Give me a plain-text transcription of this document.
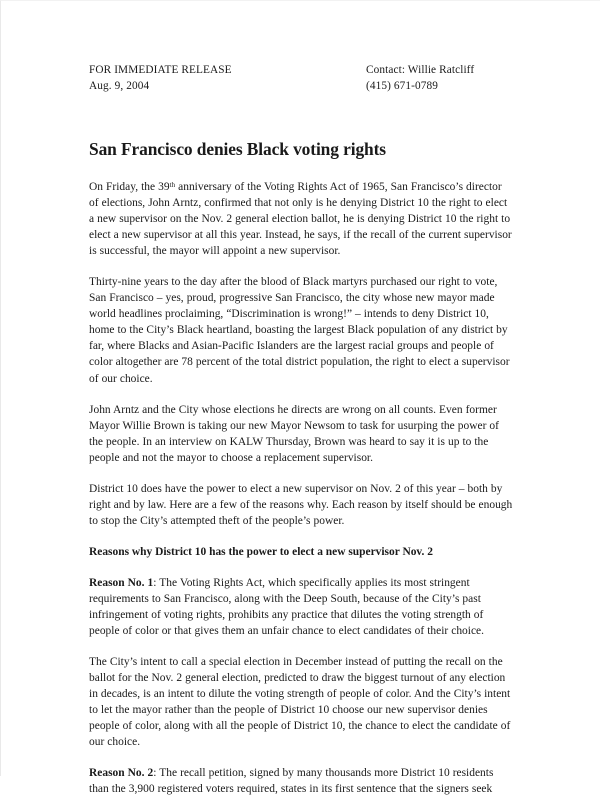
FOR IMMEDIATE RELEASE
Aug. 9, 2004
Contact: Willie Ratcliff
(415) 671-0789
San Francisco denies Black voting rights

On Friday, the 39th anniversary of the Voting Rights Act of 1965, San Francisco’s director of elections, John Arntz, confirmed that not only is he denying District 10 the right to elect a new supervisor on the Nov. 2 general election ballot, he is denying District 10 the right to elect a new supervisor at all this year. Instead, he says, if the recall of the current supervisor is successful, the mayor will appoint a new supervisor.

Thirty-nine years to the day after the blood of Black martyrs purchased our right to vote, San Francisco – yes, proud, progressive San Francisco, the city whose new mayor made world headlines proclaiming, “Discrimination is wrong!” – intends to deny District 10, home to the City’s Black heartland, boasting the largest Black population of any district by far, where Blacks and Asian-Pacific Islanders are the largest racial groups and people of color altogether are 78 percent of the total district population, the right to elect a supervisor of our choice.

John Arntz and the City whose elections he directs are wrong on all counts. Even former Mayor Willie Brown is taking our new Mayor Newsom to task for usurping the power of the people. In an interview on KALW Thursday, Brown was heard to say it is up to the people and not the mayor to choose a replacement supervisor.

District 10 does have the power to elect a new supervisor on Nov. 2 of this year – both by right and by law. Here are a few of the reasons why. Each reason by itself should be enough to stop the City’s attempted theft of the people’s power.

Reasons why District 10 has the power to elect a new supervisor Nov. 2

Reason No. 1: The Voting Rights Act, which specifically applies its most stringent requirements to San Francisco, along with the Deep South, because of the City’s past infringement of voting rights, prohibits any practice that dilutes the voting strength of people of color or that gives them an unfair chance to elect candidates of their choice.

The City’s intent to call a special election in December instead of putting the recall on the ballot for the Nov. 2 general election, predicted to draw the biggest turnout of any election in decades, is an intent to dilute the voting strength of people of color. And the City’s intent to let the mayor rather than the people of District 10 choose our new supervisor denies people of color, along with all the people of District 10, the chance to elect the candidate of our choice.

Reason No. 2: The recall petition, signed by many thousands more District 10 residents than the 3,900 registered voters required, states in its first sentence that the signers seek
